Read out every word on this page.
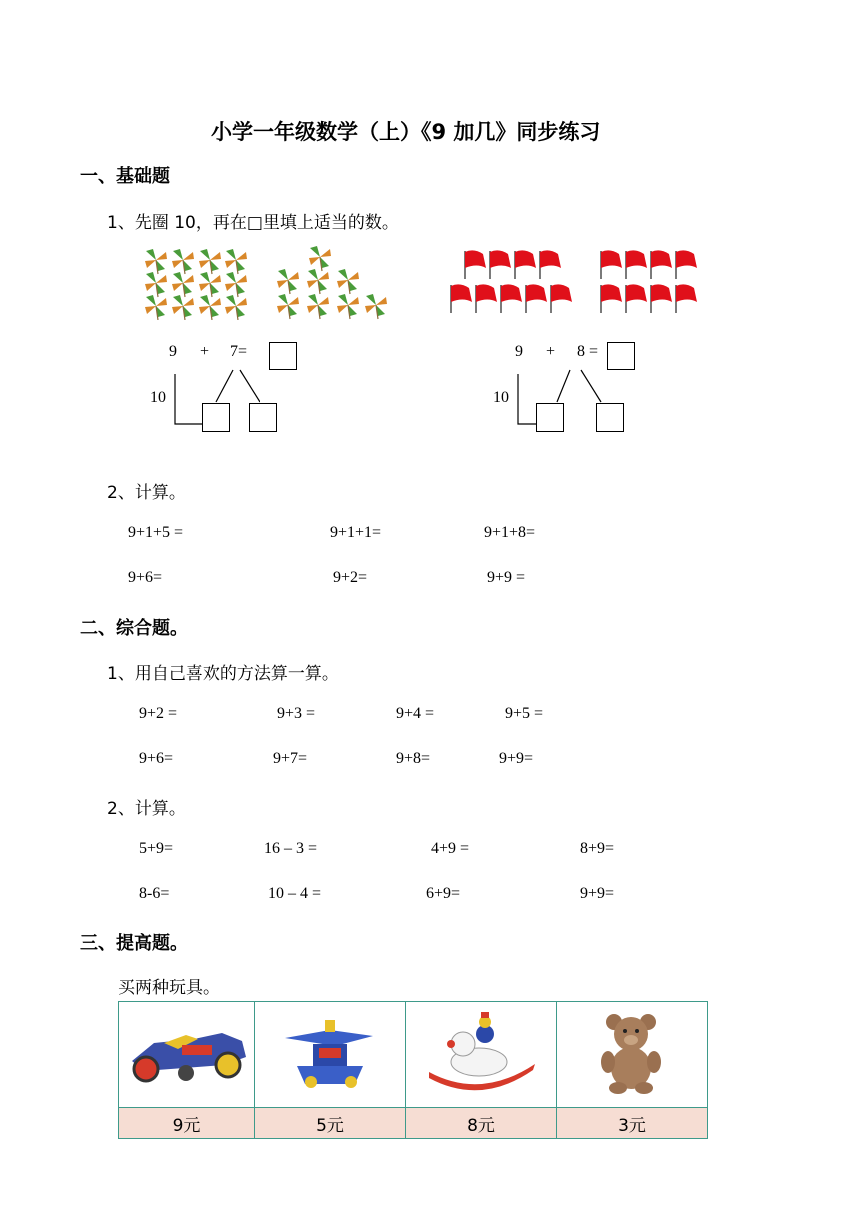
小学一年级数学（上）《9 加几》同步练习
一、基础题
1、先圈 10，再在□里填上适当的数。
9 + 7=
10
9 + 8 =
10
2、计算。
9+1+5 =	9+1+1=	9+1+8=
9+6=	9+2=	9+9 =
二、综合题。
1、用自己喜欢的方法算一算。
9+2 =	9+3 =	9+4 =	9+5 =
9+6=	9+7=	9+8=	9+9=
2、计算。
5+9=	16 – 3 =	4+9 =	8+9=
8-6=	10 – 4 =	6+9=	9+9=
三、提高题。
买两种玩具。

9元	5元	8元	3元
